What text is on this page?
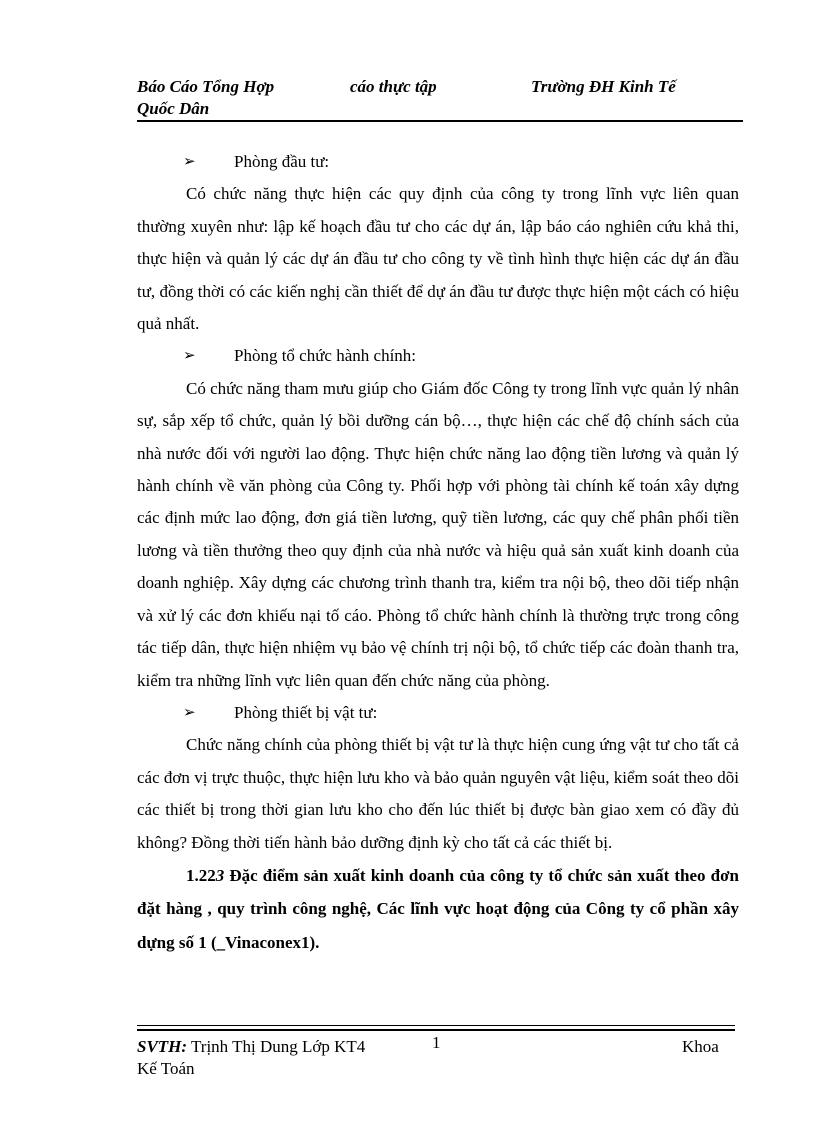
Báo Cáo Tổng Hợp	cáo thực tập	Trường ĐH Kinh Tế
Quốc Dân

➢ Phòng đầu tư:

Có chức năng thực hiện các quy định của công ty trong lĩnh vực liên quan thường xuyên như: lập kế hoạch đầu tư cho các dự án, lập báo cáo nghiên cứu khả thi, thực hiện và quản lý các dự án đầu tư cho công ty về tình hình thực hiện các dự án đầu tư, đồng thời có các kiến nghị cần thiết để dự án đầu tư được thực hiện một cách có hiệu quả nhất.

➢ Phòng tổ chức hành chính:

Có chức năng tham mưu giúp cho Giám đốc Công ty trong lĩnh vực quản lý nhân sự, sắp xếp tổ chức, quản lý bồi dưỡng cán bộ…, thực hiện các chế độ chính sách của nhà nước đối với người lao động. Thực hiện chức năng lao động tiền lương và quản lý hành chính về văn phòng của Công ty. Phối hợp với phòng tài chính kế toán xây dựng các định mức lao động, đơn giá tiền lương, quỹ tiền lương, các quy chế phân phối tiền lương và tiền thưởng theo quy định của nhà nước và hiệu quả sản xuất kinh doanh của doanh nghiệp. Xây dựng các chương trình thanh tra, kiểm tra nội bộ, theo dõi tiếp nhận và xử lý các đơn khiếu nại tố cáo. Phòng tổ chức hành chính là thường trực trong công tác tiếp dân, thực hiện nhiệm vụ bảo vệ chính trị nội bộ, tổ chức tiếp các đoàn thanh tra, kiểm tra những lĩnh vực liên quan đến chức năng của phòng.

➢ Phòng thiết bị vật tư:

Chức năng chính của phòng thiết bị vật tư là thực hiện cung ứng vật tư cho tất cả các đơn vị trực thuộc, thực hiện lưu kho và bảo quản nguyên vật liệu, kiểm soát theo dõi các thiết bị trong thời gian lưu kho cho đến lúc thiết bị được bàn giao xem có đầy đủ không? Đồng thời tiến hành bảo dưỡng định kỳ cho tất cả các thiết bị.

1.223 Đặc điểm sản xuất kinh doanh của công ty tổ chức sản xuất theo đơn đặt hàng , quy trình công nghệ, Các lĩnh vực hoạt động của Công ty cổ phần xây dựng số 1 (_Vinaconex1).

SVTH: Trịnh Thị Dung Lớp KT4	1	Khoa
Kế Toán
